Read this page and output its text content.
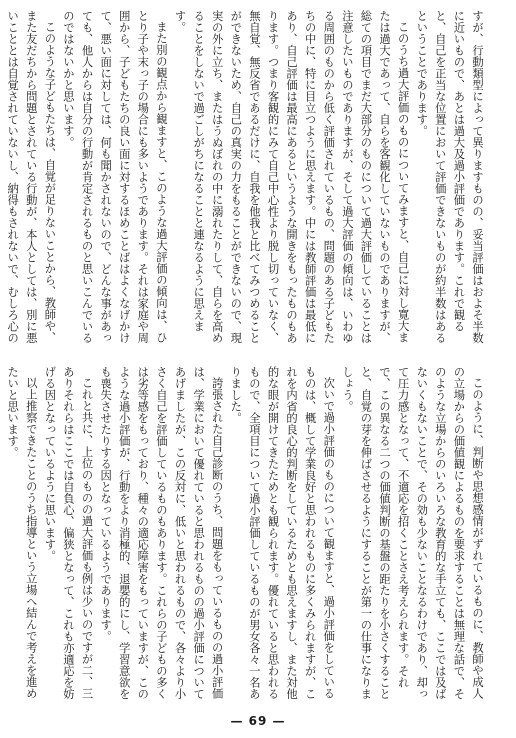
すが、行動類型によって異りますものの、妥当評価はおよそ半数に近いもので、あとは過大及過小評価であります。これで観ると、自己を正当な位置において評価できないものが約半数はあるということであります。

このうち過大評価のものについてみますと、自己に対し寛大または過大であって、自らを客観化していないものでありますが、総ての項目でまだ大部分のものについて過大評価していることは注意したいものでありますが、そして過大評価の傾向は、いわゆる周囲のものから低く評価されているもの、問題のある子どもたちの中に、特に目立つように思えます。中には教師評価は最低にあり、自己評価は最高にあるというような開きをもったものもあります。つまり客観的にみて自己中心性より脱し切っていなく、無自覚、無反省であるだけに、自我を他我と比べてみつめることができないため、自己の真実の力をもることができないので、現実の外に立ち、またはうぬぼれの中に溺れたりして、自らを高めることをしないで過ごしがちになることと連なるように思えます。

また別の観点から観ますと、このような過大評価の傾向は、ひとり子や末っ子の場合にも多いようであります。それは家庭や周囲から、子どもたちの良い面に対するほめことばはよくなげかけて、悪い面に対しては、何も聞かされないので、どんな事があっても、他人からは自分の行動が肯定されるものと思いこんでいるのではないかと思います。

このような子どもたちは、自覚が足りないことから、教師や、また友だちから問題とされている行動が、本人としては、別に悪いこととは自覚されていないし、納得もされないで、むしろ心の

このように、判断や思想感情がずれているものに、教師や成人の立場からの価値観によるものを要求することは無理な話で、そのような立場からのいろいろな教育的な手立ても、ここでは及ばないくもないことで、その効も少ないことなるわけであり、却って圧力感となって、不適応を招くことさえ考えられます。それで、この異なる二つの価値判断の基盤の距たりを小さくすることと、自覚の芽を伸ばさせるようにすることが第一の仕事になりましょう。

次いで過小評価のものについて観ますと、過小評価をしているものは、概して学業良好と思われるものに多くみられますが、これを内省的良心的判断をしているためとも思えますし、また対他的な眼が開けてきたためとも観られます。優れていると思われるもので、全項目について過小評価しているものが男女各々一名ありました。

誇張された自己診断のうち、問題をもっているものの過小評価は、学業において優れていると思われるものの過小評価についてあげましたが、この反対に、低いと思われるもので、各々より小さく自己を評価しているものもあります。これらの子どもの多くは劣等感をもっており、種々の適応障害をもっていますが、このような過小評価が、行動をより消極的、退嬰的にし、学習意欲をも喪失させたりする因となっているようであります。

これと共に、上位のものの過大評価も例は少いのですが二、三ありそれらはここでは自負心、偏狭となって、これも亦適応を妨げる因となっているように思います。

以上推察できたことのうち指導という立場へ結んで考えを進めたいと思います。

— 69 —
